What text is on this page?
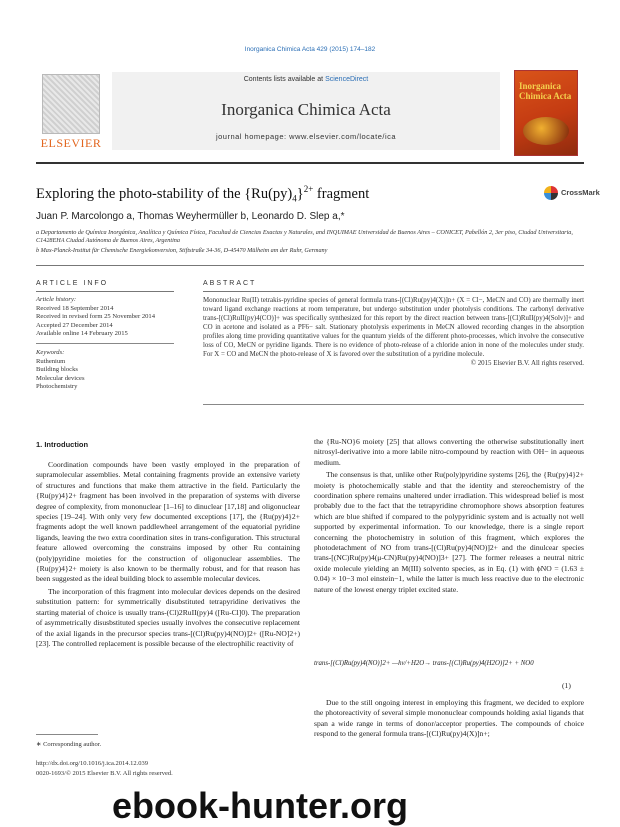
Inorganica Chimica Acta 429 (2015) 174–182
ELSEVIER
Contents lists available at ScienceDirect
Inorganica Chimica Acta
journal homepage: www.elsevier.com/locate/ica
Inorganica Chimica Acta
Exploring the photo-stability of the $\{Ru(py)_4\}^{2+}$ fragment	CrossMark
Juan P. Marcolongo a, Thomas Weyhermüller b, Leonardo D. Slep a,*
a Departamento de Química Inorgánica, Analítica y Química Física, Facultad de Ciencias Exactas y Naturales, and INQUIMAE Universidad de Buenos Aires – CONICET, Pabellón 2, 3er piso, Ciudad Universitaria, C1428EHA Ciudad Autónoma de Buenos Aires, Argentina
b Max-Planck-Institut für Chemische Energiekonversion, Stiftstraße 34-36, D-45470 Mülheim am der Ruhr, Germany
ARTICLE INFO	ABSTRACT
Article history:
Received 18 September 2014
Received in revised form 25 November 2014
Accepted 27 December 2014
Available online 14 February 2015
Keywords:
Ruthenium
Building blocks
Molecular devices
Photochemistry
Mononuclear Ru(II) tetrakis-pyridine species of general formula trans-[(Cl)Ru(py)4(X)]n+ (X = Cl−, MeCN and CO) are thermally inert toward ligand exchange reactions at room temperature, but undergo substitution under photolysis conditions. The carbonyl derivative trans-[(Cl)RuII(py)4(CO)]+ was specifically synthesized for this report by the direct reaction between trans-[(Cl)RuII(py)4(Solv)]+ and CO in acetone and isolated as a PF6− salt. Stationary photolysis experiments in MeCN allowed recording changes in the absorption profiles along time providing quantitative values for the quantum yields of the different photo-processes, which involve the consecutive loss of CO, MeCN or pyridine ligands. There is no evidence of photo-release of a chloride anion in none of the molecules under study. For X = CO and MeCN the photo-release of X is favored over the substitution of a pyridine molecule.
© 2015 Elsevier B.V. All rights reserved.
1. Introduction

Coordination compounds have been vastly employed in the preparation of supramolecular assemblies. Metal containing fragments provide an extensive variety of structures and functions that make them attractive in the field. Particularly the {Ru(py)4}2+ fragment has been involved in the preparation of systems with diverse degree of complexity, from mononuclear [1–16] to dinuclear [17,18] and oligonuclear species [19–24]. With only very few documented exceptions [17], the {Ru(py)4}2+ fragments adopt the well known paddlewheel arrangement of the equatorial pyridine ligands, leaving the two extra coordination sites in trans-configuration. This structural feature allowed overcoming the constrains imposed by other Ru containing (poly)pyridine moieties for the construction of oligonuclear assemblies. The {Ru(py)4}2+ moiety is also known to be thermally robust, and for that reason has been suggested as the ideal building block to assemble molecular devices.

The incorporation of this fragment into molecular devices depends on the desired substitution pattern: for symmetrically disubstituted tetrapyridine derivatives the starting material of choice is usually trans-(Cl)2RuII(py)4 ([Ru-Cl]0). The preparation of asymmetrically disusbstituted species usually involves the consecutive replacement of the axial ligands in the precursor species trans-[(Cl)Ru(py)4(NO)]2+ ([Ru-NO]2+) [23]. The controlled replacement is possible because of the electrophilic reactivity of

the {Ru-NO}6 moiety [25] that allows converting the otherwise substitutionally inert nitrosyl-derivative into a more labile nitro-compound by reaction with OH− in aqueous medium.

The consensus is that, unlike other Ru(poly)pyridine systems [26], the {Ru(py)4}2+ moiety is photochemically stable and that the identity and stereochemistry of the coordination sphere remains unaltered under irradiation. This widespread belief is most probably due to the fact that the tetrapyridine chromophore shows absorption features which are blue shifted if compared to the polypyridinic system and is actually not well supported by experimental information. To our knowledge, there is a single report concerning the photochemistry in solution of this fragment, which explores the photodetachment of NO from trans-[(Cl)Ru(py)4(NO)]2+ and the dinulcear species trans-[(NC)Ru(py)4(μ-CN)Ru(py)4(NO)]3+ [27]. The former releases a neutral nitric oxide molecule yielding an M(III) solvento species, as in Eq. (1) with ϕNO = (1.63 ± 0.04) × 10−3 mol einstein−1, while the latter is much less reactive due to the electronic nature of the lowest energy triplet excited state.

trans-[(Cl)Ru(py)4(NO)]2+ —hν/+H2O→ trans-[(Cl)Ru(py)4(H2O)]2+ + NO0
(1)

Due to the still ongoing interest in employing this fragment, we decided to explore the photoreactivity of several simple mononuclear compounds holding axial ligands that span a wide range in terms of donor/acceptor properties. The compounds of choice respond to the general formula trans-[(Cl)Ru(py)4(X)]n+;

∗ Corresponding author.
http://dx.doi.org/10.1016/j.ica.2014.12.039
0020-1693/© 2015 Elsevier B.V. All rights reserved.
ebook-hunter.org
